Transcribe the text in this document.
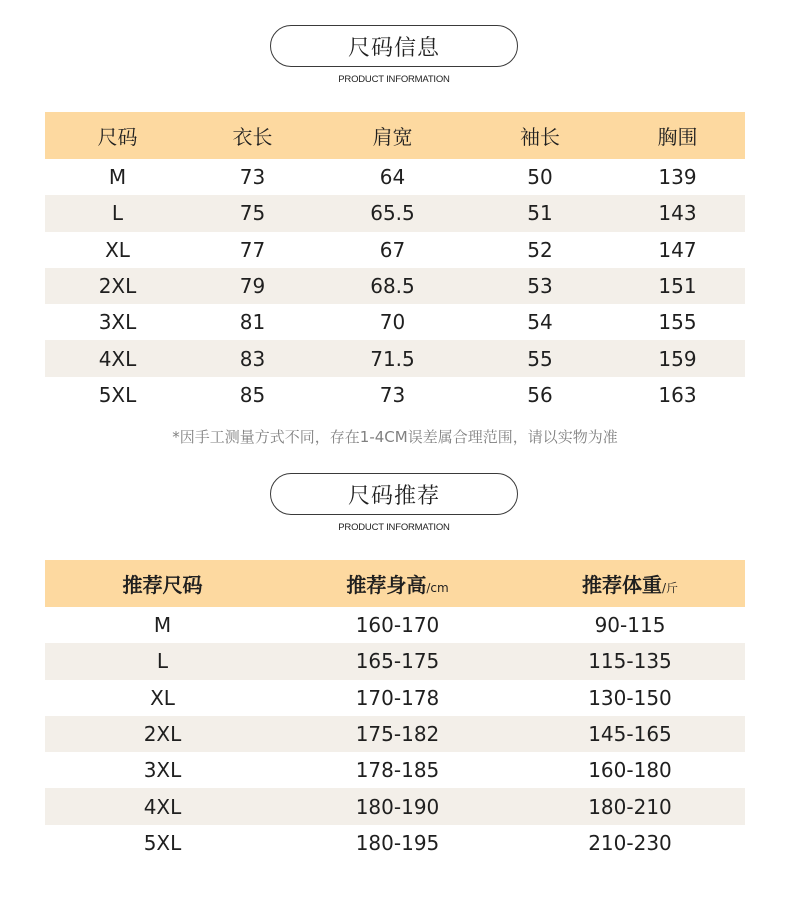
尺码信息
PRODUCT INFORMATION
尺码	衣长	肩宽	袖长	胸围
M	73	64	50	139
L	75	65.5	51	143
XL	77	67	52	147
2XL	79	68.5	53	151
3XL	81	70	54	155
4XL	83	71.5	55	159
5XL	85	73	56	163
*因手工测量方式不同，存在1-4CM误差属合理范围，请以实物为准
尺码推荐
PRODUCT INFORMATION
推荐尺码	推荐身高/cm	推荐体重/斤
M	160-170	90-115
L	165-175	115-135
XL	170-178	130-150
2XL	175-182	145-165
3XL	178-185	160-180
4XL	180-190	180-210
5XL	180-195	210-230
